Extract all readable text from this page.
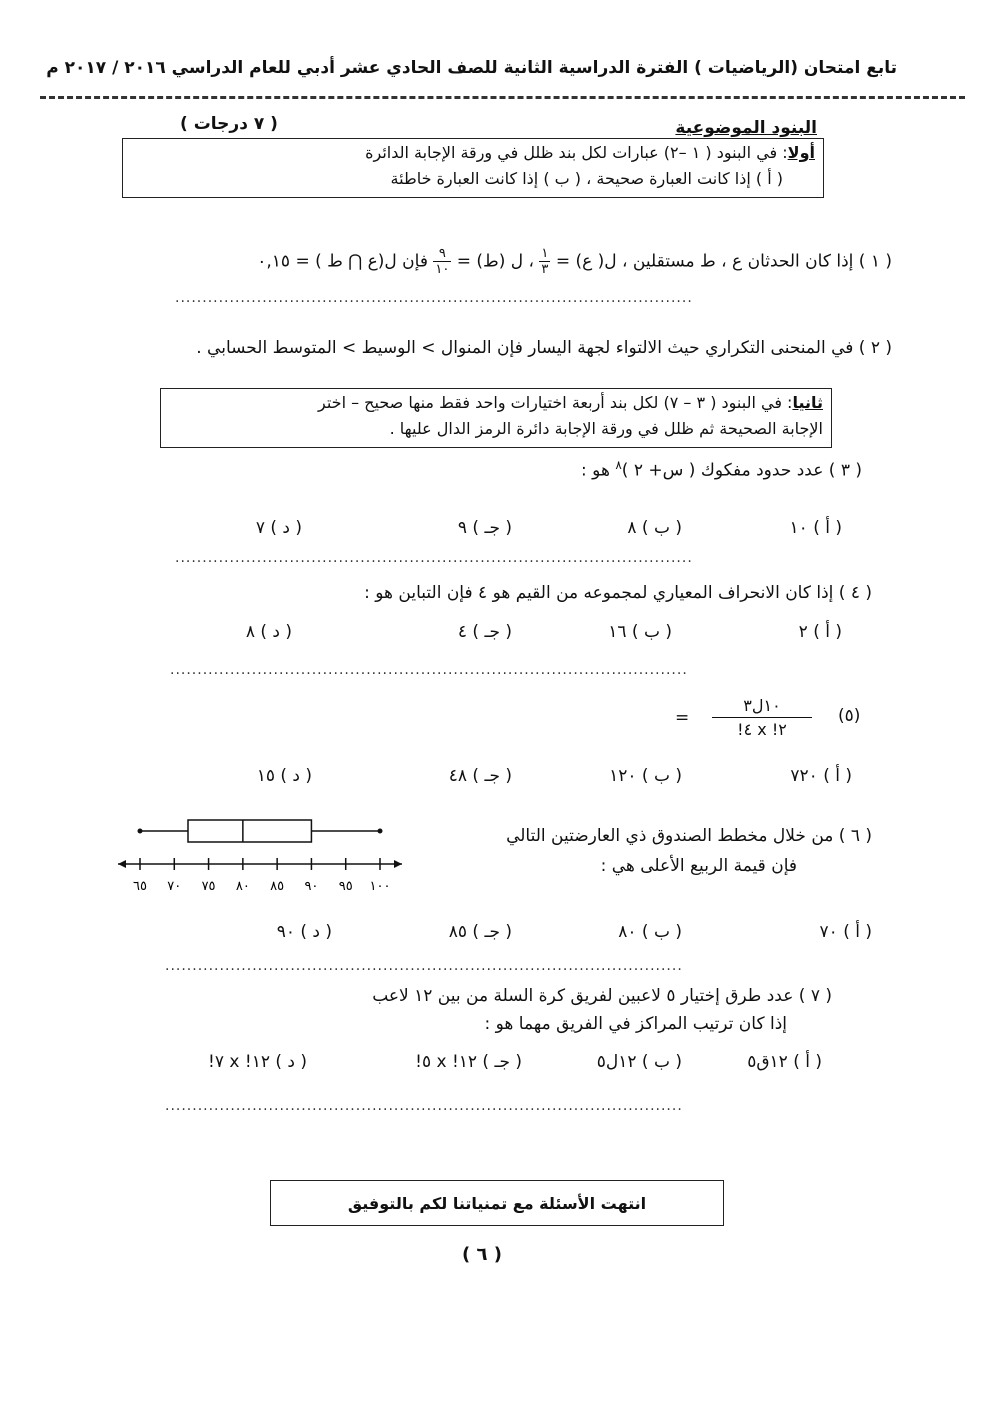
تابع امتحان (الرياضيات ) الفترة الدراسية الثانية للصف الحادي عشر أدبي للعام الدراسي ٢٠١٦ / ٢٠١٧ م
البنود الموضوعية
( ٧ درجات )
أولا: في البنود ( ١ –٢) عبارات لكل بند ظلل في ورقة الإجابة الدائرة
( أ ) إذا كانت العبارة صحيحة ، ( ب ) إذا كانت العبارة خاطئة
( ١ ) إذا كان الحدثان ع ، ط مستقلين ، ل( ع) =
$\frac{١}{٣}$
، ل (ط) =
$\frac{٩}{١٠}$
فإن ل(ع ⋂ ط ) = ٠,١٥
...............................................................................................
( ٢ ) في المنحنى التكراري حيث الالتواء لجهة اليسار فإن المنوال > الوسيط > المتوسط الحسابي .
ثانيا: في البنود ( ٣ – ٧) لكل بند أربعة اختيارات واحد فقط منها صحيح – اختر
الإجابة الصحيحة ثم ظلل في ورقة الإجابة دائرة الرمز الدال عليها .
( ٣ ) عدد حدود مفكوك ( س+ ٢ )$^٨$ هو :
( أ ) ١٠
( ب ) ٨
( جـ ) ٩
( د ) ٧
...............................................................................................
( ٤ ) إذا كان الانحراف المعياري لمجموعه من القيم هو ٤ فإن التباين هو :
( أ ) ٢
( ب ) ١٦
( جـ ) ٤
( د ) ٨
...............................................................................................
(٥)
١٠ل٣
٢! x ٤!
=
( أ ) ٧٢٠
( ب ) ١٢٠
( جـ ) ٤٨
( د ) ١٥
( ٦ ) من خلال مخطط الصندوق ذي العارضتين التالي
فإن قيمة الربيع الأعلى هي :
٦٥ ٧٠ ٧٥ ٨٠ ٨٥ ٩٠ ٩٥ ١٠٠
( أ ) ٧٠
( ب ) ٨٠
( جـ ) ٨٥
( د ) ٩٠
...............................................................................................
( ٧ ) عدد طرق إختيار ٥ لاعبين لفريق كرة السلة من بين ١٢ لاعب
إذا كان ترتيب المراكز في الفريق مهما هو :
( أ ) ١٢ق٥
( ب ) ١٢ل٥
( جـ ) ١٢! x ٥!
( د ) ١٢! x ٧!
...............................................................................................
انتهت الأسئلة مع تمنياتنا لكم بالتوفيق
( ٦ )
